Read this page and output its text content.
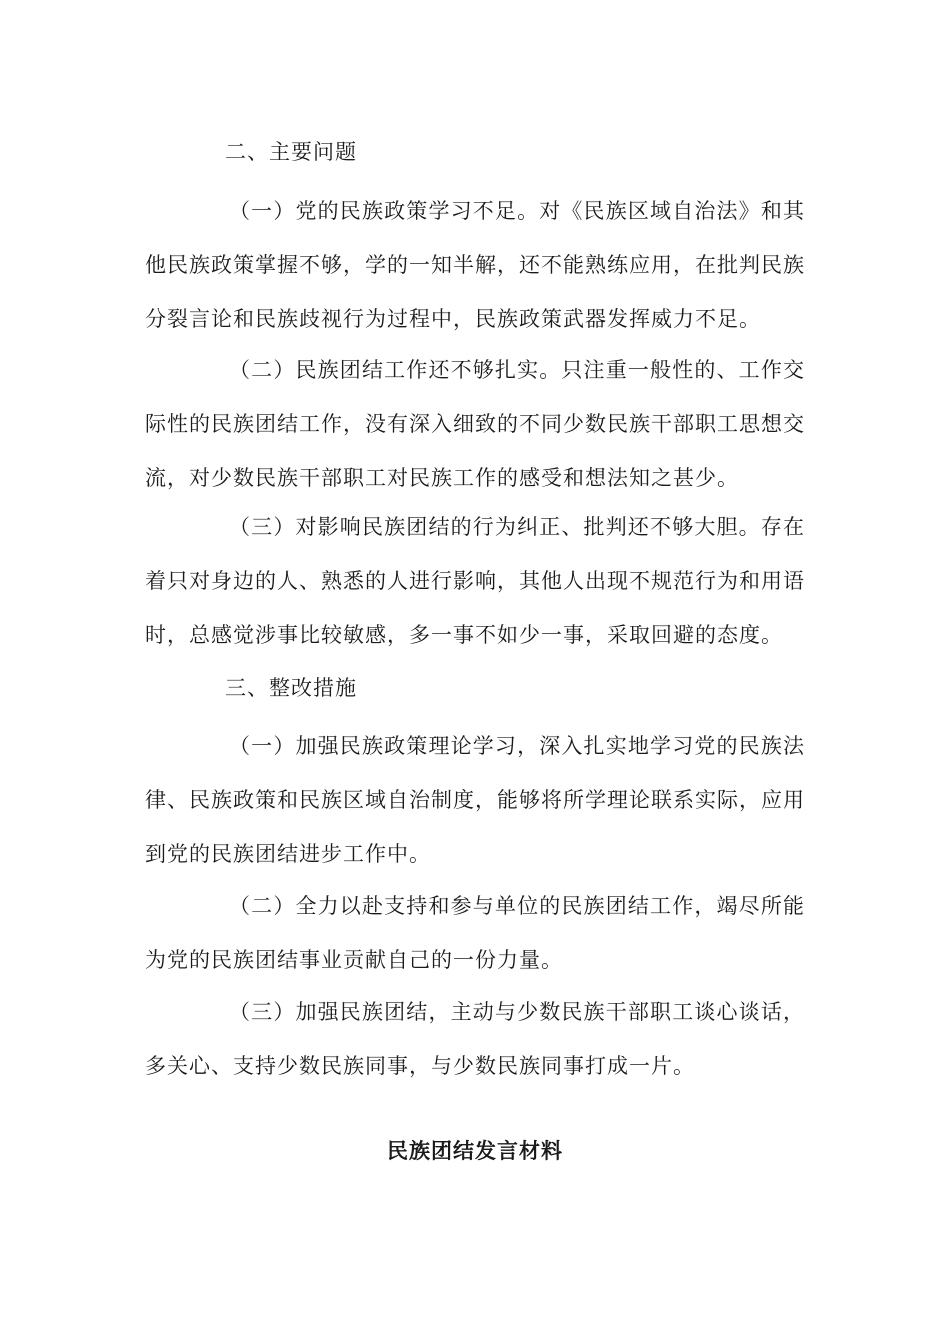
二、主要问题

（一）党的民族政策学习不足。对《民族区域自治法》和其他民族政策掌握不够，学的一知半解，还不能熟练应用，在批判民族分裂言论和民族歧视行为过程中，民族政策武器发挥威力不足。

（二）民族团结工作还不够扎实。只注重一般性的、工作交际性的民族团结工作，没有深入细致的不同少数民族干部职工思想交流，对少数民族干部职工对民族工作的感受和想法知之甚少。

（三）对影响民族团结的行为纠正、批判还不够大胆。存在着只对身边的人、熟悉的人进行影响，其他人出现不规范行为和用语时，总感觉涉事比较敏感，多一事不如少一事，采取回避的态度。

三、整改措施

（一）加强民族政策理论学习，深入扎实地学习党的民族法律、民族政策和民族区域自治制度，能够将所学理论联系实际，应用到党的民族团结进步工作中。

（二）全力以赴支持和参与单位的民族团结工作，竭尽所能为党的民族团结事业贡献自己的一份力量。

（三）加强民族团结，主动与少数民族干部职工谈心谈话，多关心、支持少数民族同事，与少数民族同事打成一片。

民族团结发言材料
